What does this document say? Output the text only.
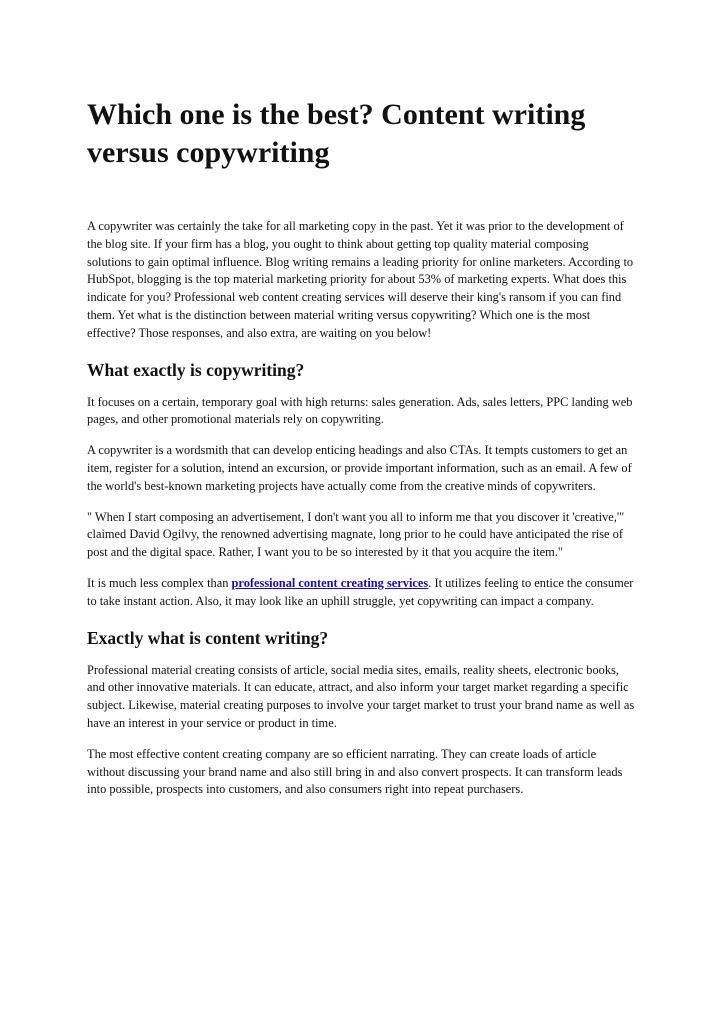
Which one is the best? Content writing versus copywriting

A copywriter was certainly the take for all marketing copy in the past. Yet it was prior to the development of the blog site. If your firm has a blog, you ought to think about getting top quality material composing solutions to gain optimal influence. Blog writing remains a leading priority for online marketers. According to HubSpot, blogging is the top material marketing priority for about 53% of marketing experts. What does this indicate for you? Professional web content creating services will deserve their king's ransom if you can find them. Yet what is the distinction between material writing versus copywriting? Which one is the most effective? Those responses, and also extra, are waiting on you below!

What exactly is copywriting?

It focuses on a certain, temporary goal with high returns: sales generation. Ads, sales letters, PPC landing web pages, and other promotional materials rely on copywriting.

A copywriter is a wordsmith that can develop enticing headings and also CTAs. It tempts customers to get an item, register for a solution, intend an excursion, or provide important information, such as an email. A few of the world's best-known marketing projects have actually come from the creative minds of copywriters.

" When I start composing an advertisement, I don't want you all to inform me that you discover it 'creative,'" claimed David Ogilvy, the renowned advertising magnate, long prior to he could have anticipated the rise of post and the digital space. Rather, I want you to be so interested by it that you acquire the item."

It is much less complex than professional content creating services. It utilizes feeling to entice the consumer to take instant action. Also, it may look like an uphill struggle, yet copywriting can impact a company.

Exactly what is content writing?

Professional material creating consists of article, social media sites, emails, reality sheets, electronic books, and other innovative materials. It can educate, attract, and also inform your target market regarding a specific subject. Likewise, material creating purposes to involve your target market to trust your brand name as well as have an interest in your service or product in time.

The most effective content creating company are so efficient narrating. They can create loads of article without discussing your brand name and also still bring in and also convert prospects. It can transform leads into possible, prospects into customers, and also consumers right into repeat purchasers.
